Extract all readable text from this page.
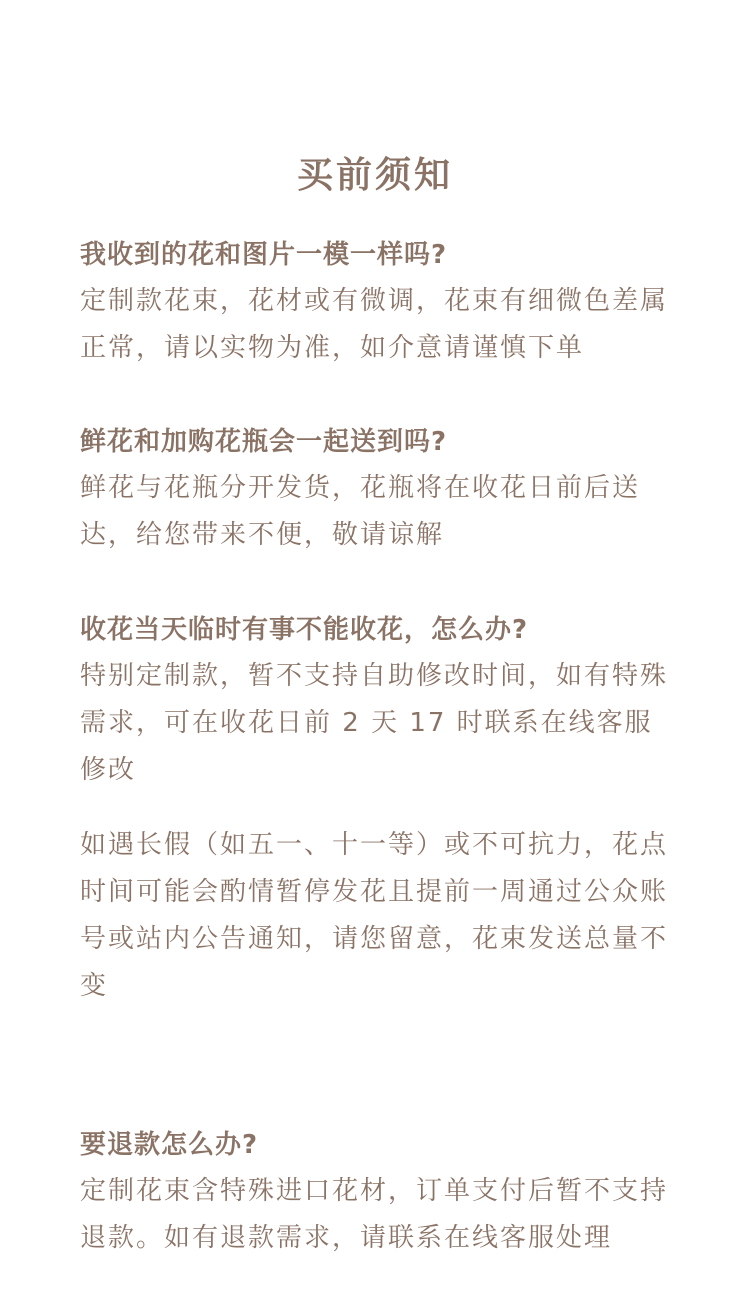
买前须知
我收到的花和图片一模一样吗?
定制款花束，花材或有微调，花束有细微色差属正常，请以实物为准，如介意请谨慎下单
鲜花和加购花瓶会一起送到吗?
鲜花与花瓶分开发货，花瓶将在收花日前后送达，给您带来不便，敬请谅解
收花当天临时有事不能收花，怎么办?
特别定制款，暂不支持自助修改时间，如有特殊需求，可在收花日前 2 天 17 时联系在线客服修改
如遇长假（如五一、十一等）或不可抗力，花点时间可能会酌情暂停发花且提前一周通过公众账号或站内公告通知，请您留意，花束发送总量不变
要退款怎么办?
定制花束含特殊进口花材，订单支付后暂不支持退款。如有退款需求，请联系在线客服处理
